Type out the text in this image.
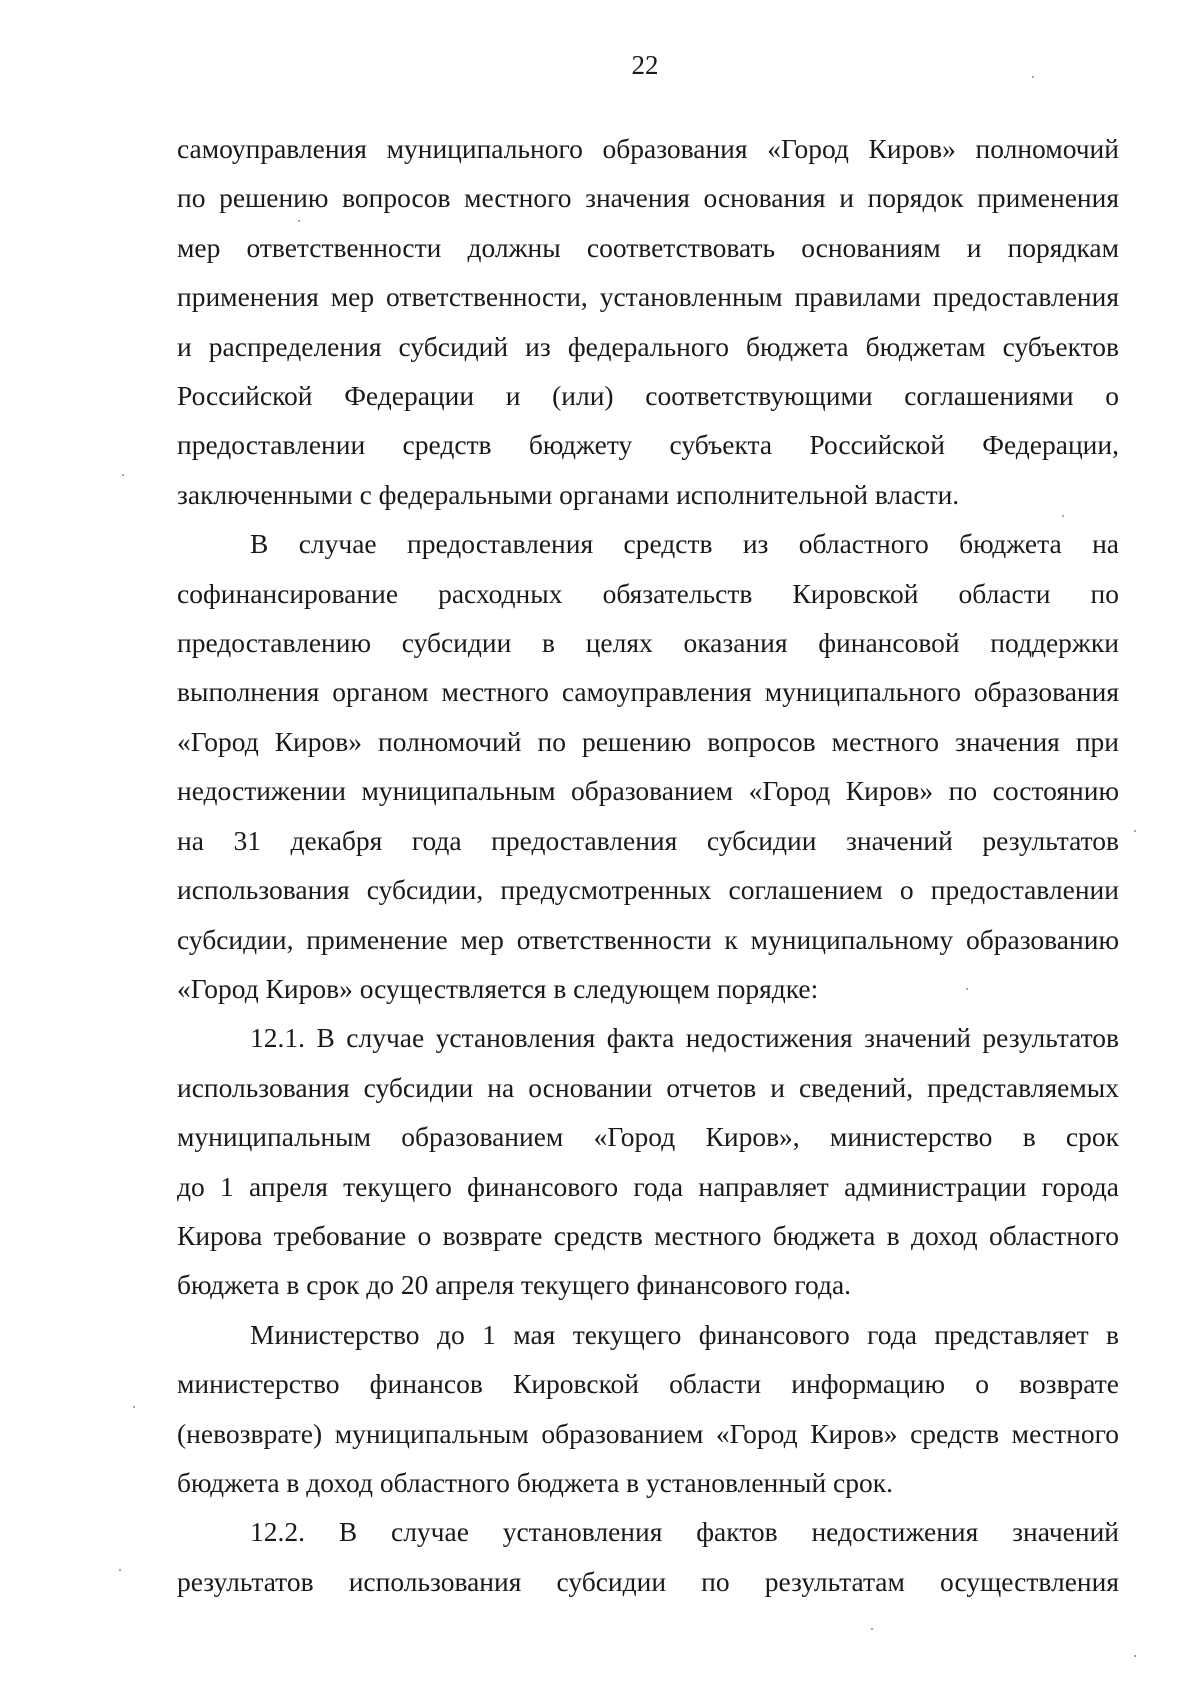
22

самоуправления муниципального образования «Город Киров» полномочий
по решению вопросов местного значения основания и порядок применения
мер ответственности должны соответствовать основаниям и порядкам
применения мер ответственности, установленным правилами предоставления
и распределения субсидий из федерального бюджета бюджетам субъектов
Российской Федерации и (или) соответствующими соглашениями о
предоставлении средств бюджету субъекта Российской Федерации,
заключенными с федеральными органами исполнительной власти.

В случае предоставления средств из областного бюджета на
софинансирование расходных обязательств Кировской области по
предоставлению субсидии в целях оказания финансовой поддержки
выполнения органом местного самоуправления муниципального образования
«Город Киров» полномочий по решению вопросов местного значения при
недостижении муниципальным образованием «Город Киров» по состоянию
на 31 декабря года предоставления субсидии значений результатов
использования субсидии, предусмотренных соглашением о предоставлении
субсидии, применение мер ответственности к муниципальному образованию
«Город Киров» осуществляется в следующем порядке:

12.1. В случае установления факта недостижения значений результатов
использования субсидии на основании отчетов и сведений, представляемых
муниципальным образованием «Город Киров», министерство в срок
до 1 апреля текущего финансового года направляет администрации города
Кирова требование о возврате средств местного бюджета в доход областного
бюджета в срок до 20 апреля текущего финансового года.

Министерство до 1 мая текущего финансового года представляет в
министерство финансов Кировской области информацию о возврате
(невозврате) муниципальным образованием «Город Киров» средств местного
бюджета в доход областного бюджета в установленный срок.

12.2. В случае установления фактов недостижения значений
результатов использования субсидии по результатам осуществления
